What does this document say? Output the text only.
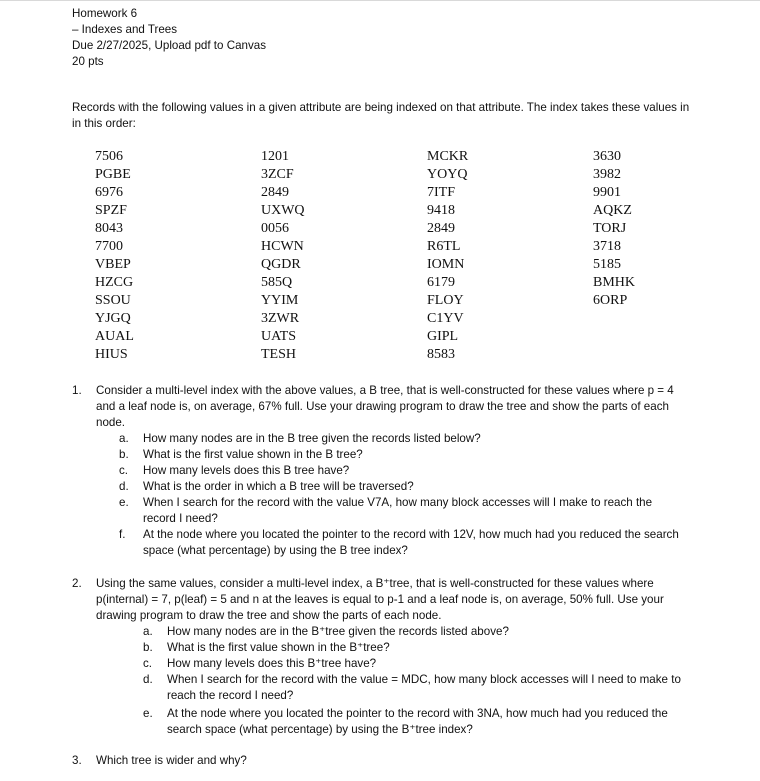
Homework 6
– Indexes and Trees
Due 2/27/2025, Upload pdf to Canvas
20 pts
Records with the following values in a given attribute are being indexed on that attribute. The index takes these values in in this order:
7506
PGBE
6976
SPZF
8043
7700
VBEP
HZCG
SSOU
YJGQ
AUAL
HIUS
1201
3ZCF
2849
UXWQ
0056
HCWN
QGDR
585Q
YYIM
3ZWR
UATS
TESH
MCKR
YOYQ
7ITF
9418
2849
R6TL
IOMN
6179
FLOY
C1YV
GIPL
8583
3630
3982
9901
AQKZ
TORJ
3718
5185
BMHK
6ORP
1. Consider a multi-level index with the above values, a B tree, that is well-constructed for these values where p = 4 and a leaf node is, on average, 67% full. Use your drawing program to draw the tree and show the parts of each node.
a. How many nodes are in the B tree given the records listed below?
b. What is the first value shown in the B tree?
c. How many levels does this B tree have?
d. What is the order in which a B tree will be traversed?
e. When I search for the record with the value V7A, how many block accesses will I make to reach the record I need?
f. At the node where you located the pointer to the record with 12V, how much had you reduced the search space (what percentage) by using the B tree index?
2. Using the same values, consider a multi-level index, a B⁺tree, that is well-constructed for these values where p(internal) = 7, p(leaf) = 5 and n at the leaves is equal to p-1 and a leaf node is, on average, 50% full. Use your drawing program to draw the tree and show the parts of each node.
a. How many nodes are in the B⁺tree given the records listed above?
b. What is the first value shown in the B⁺tree?
c. How many levels does this B⁺tree have?
d. When I search for the record with the value = MDC, how many block accesses will I need to make to reach the record I need?
e. At the node where you located the pointer to the record with 3NA, how much had you reduced the search space (what percentage) by using the B⁺tree index?
3. Which tree is wider and why?
